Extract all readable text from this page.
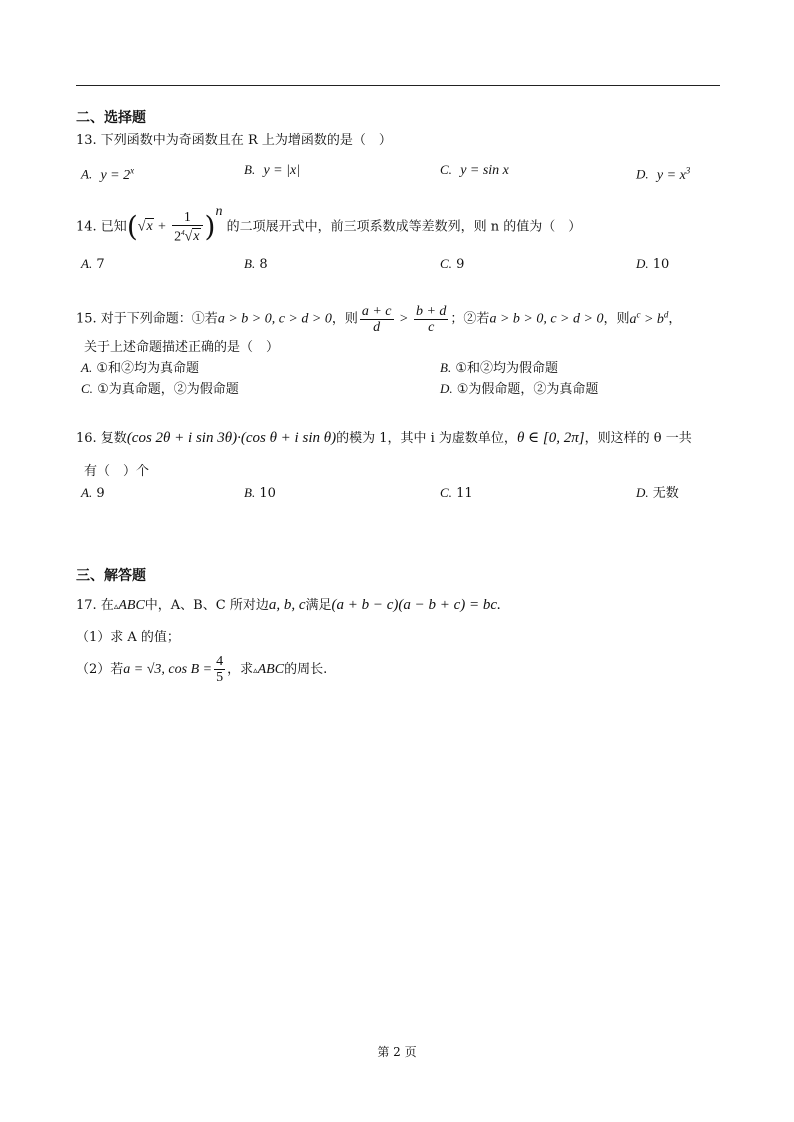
二、选择题
13. 下列函数中为奇函数且在 R 上为增函数的是（　）
A. $y = 2^x$	B. y = |x|	C. y = sin x	D. $y = x^3$
14. 已知$(√x + \frac{1}{2^4√x} )^n$ 的二项展开式中，前三项系数成等差数列，则 n 的值为（　）
A. 7	B. 8	C. 9	D. 10
15. 对于下列命题：①若a > b > 0, c > d > 0，则 $\frac{a + c}{d} > \frac{b + d}{c}$ ；②若a > b > 0, c > d > 0，则$a^c > b^d$，
关于上述命题描述正确的是（　）
A. ①和②均为真命题	B. ①和②均为假命题
C. ①为真命题，②为假命题	D. ①为假命题，②为真命题
16. 复数(cos 2θ + i sin 3θ)·(cos θ + i sin θ)的模为 1，其中 i 为虚数单位，θ ∈ [0, 2π]，则这样的 θ 一共
有（　）个
A. 9	B. 10	C. 11	D. 无数
三、解答题
17. 在▵ABC中，A、B、C 所对边a, b, c满足(a + b − c)(a − b + c) = bc.
（1）求 A 的值；
（2）若a = √3, $\cos B = \frac{4}{5}$ ，求▵ABC的周长.
第 2 页
